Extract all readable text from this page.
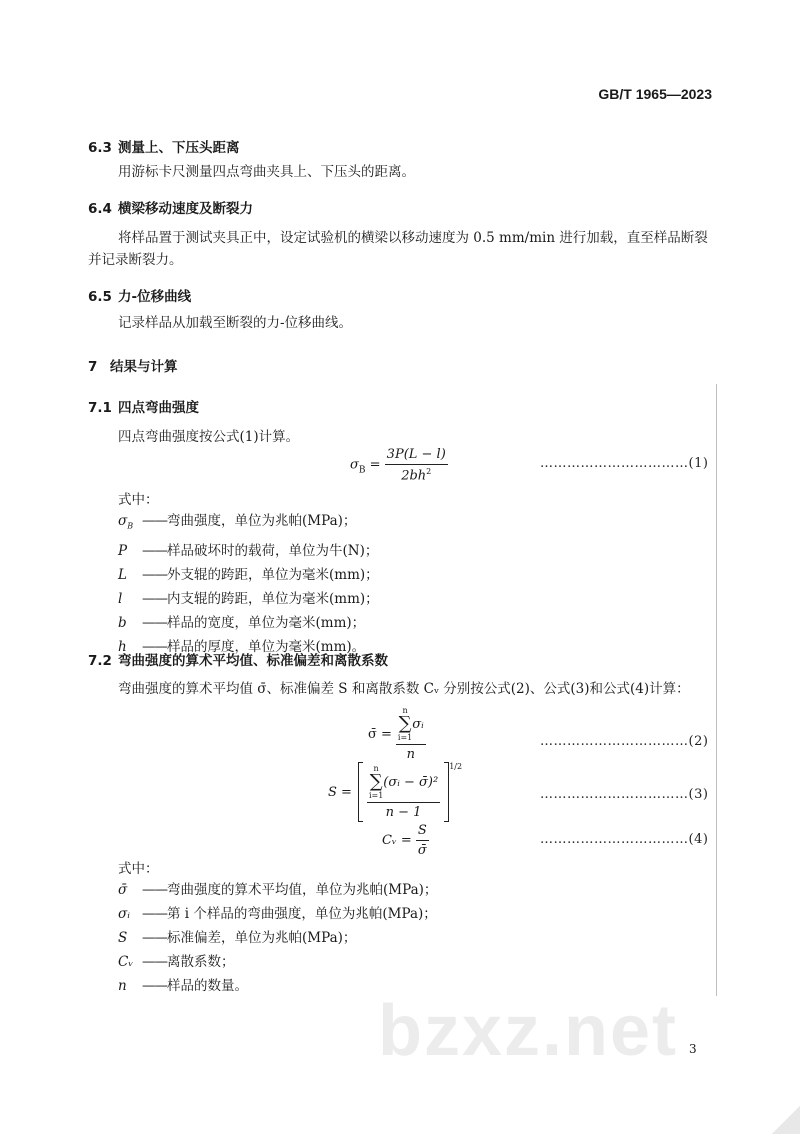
GB/T 1965—2023
6.3 测量上、下压头距离
用游标卡尺测量四点弯曲夹具上、下压头的距离。
6.4 横梁移动速度及断裂力
将样品置于测试夹具正中，设定试验机的横梁以移动速度为 0.5 mm/min 进行加载，直至样品断裂
并记录断裂力。
6.5 力-位移曲线
记录样品从加载至断裂的力-位移曲线。
7 结果与计算
7.1 四点弯曲强度
四点弯曲强度按公式(1)计算。
$\sigma_B = \frac{3P(L - l)}{2bh^2}$	……………………………(1)
式中：
$\sigma_B$ ——弯曲强度，单位为兆帕(MPa)；
P ——样品破坏时的载荷，单位为牛(N)；
L ——外支辊的跨距，单位为毫米(mm)；
l ——内支辊的跨距，单位为毫米(mm)；
b ——样品的宽度，单位为毫米(mm)；
h ——样品的厚度，单位为毫米(mm)。
7.2 弯曲强度的算术平均值、标准偏差和离散系数
弯曲强度的算术平均值 σ̄、标准偏差 S 和离散系数 Cᵥ 分别按公式(2)、公式(3)和公式(4)计算：
σ̄ = n
∑
i=1
σᵢ
n	……………………………(2)
S = n
∑
i=1
(σᵢ − σ̄)²
n − 1 $^{1/2}$
……………………………(3)
Cᵥ = $\frac{S}{\sigmā}$	……………………………(4)
式中：
σ̄ ——弯曲强度的算术平均值，单位为兆帕(MPa)；
σᵢ ——第 i 个样品的弯曲强度，单位为兆帕(MPa)；
S ——标准偏差，单位为兆帕(MPa)；
Cᵥ ——离散系数；
n ——样品的数量。
bzxz.net 3
